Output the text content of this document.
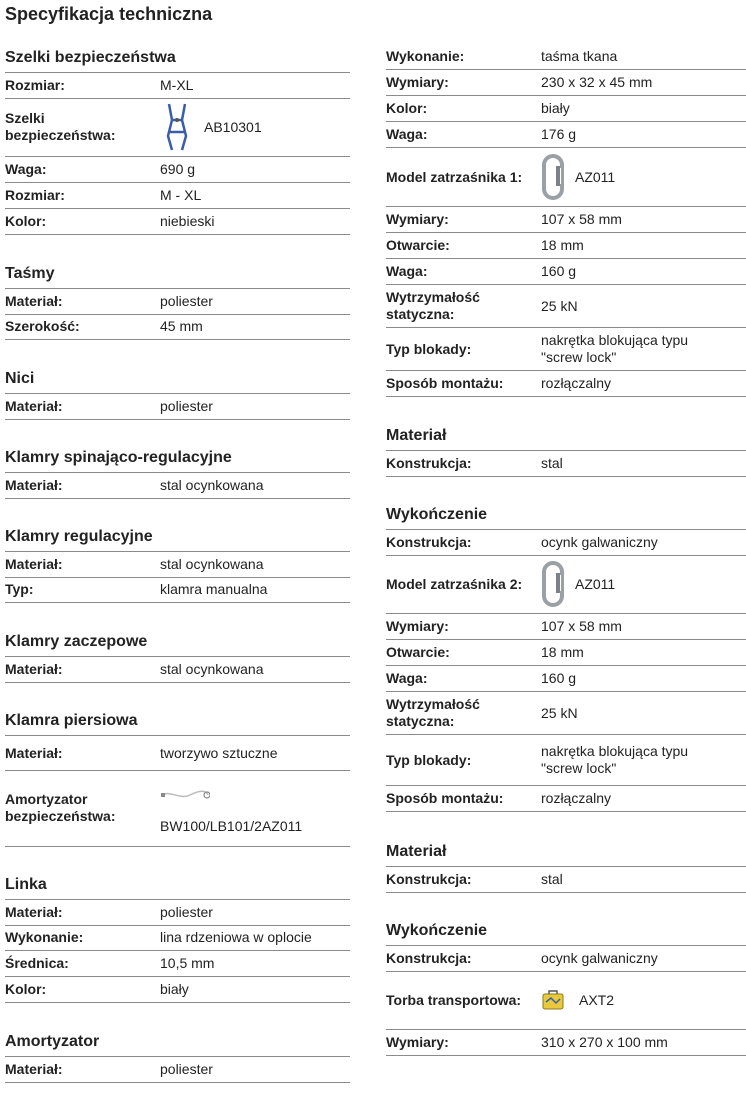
Specyfikacja techniczna
Szelki bezpieczeństwa
Rozmiar:	M-XL
Szelki bezpieczeństwa:
AB10301
Waga:	690 g
Rozmiar:	M - XL
Kolor:	niebieski
Taśmy
Materiał:	poliester
Szerokość:	45 mm
Nici
Materiał:	poliester
Klamry spinająco-regulacyjne
Materiał:	stal ocynkowana
Klamry regulacyjne
Materiał:	stal ocynkowana
Typ:	klamra manualna
Klamry zaczepowe
Materiał:	stal ocynkowana
Klamra piersiowa
Materiał:	tworzywo sztuczne
Amortyzator
bezpieczeństwa:
BW100/LB101/2AZ011
Linka
Materiał:	poliester
Wykonanie:	lina rdzeniowa w oplocie
Średnica:	10,5 mm
Kolor:	biały
Amortyzator
Materiał:	poliester
Wykonanie:	taśma tkana
Wymiary:	230 x 32 x 45 mm
Kolor:	biały
Waga:	176 g
Model zatrzaśnika 1:	AZ011
Wymiary:	107 x 58 mm
Otwarcie:	18 mm
Waga:	160 g
Wytrzymałość
statyczna:
25 kN
Typ blokady:
nakrętka blokująca typu
"screw lock"
Sposób montażu:	rozłączalny
Materiał
Konstrukcja:	stal
Wykończenie
Konstrukcja:	ocynk galwaniczny
Model zatrzaśnika 2:	AZ011
Wymiary:	107 x 58 mm
Otwarcie:	18 mm
Waga:	160 g
Wytrzymałość
statyczna:
25 kN
Typ blokady:
nakrętka blokująca typu
"screw lock"
Sposób montażu:	rozłączalny
Materiał
Konstrukcja:	stal
Wykończenie
Konstrukcja:	ocynk galwaniczny
Torba transportowa:	AXT2
Wymiary:	310 x 270 x 100 mm
